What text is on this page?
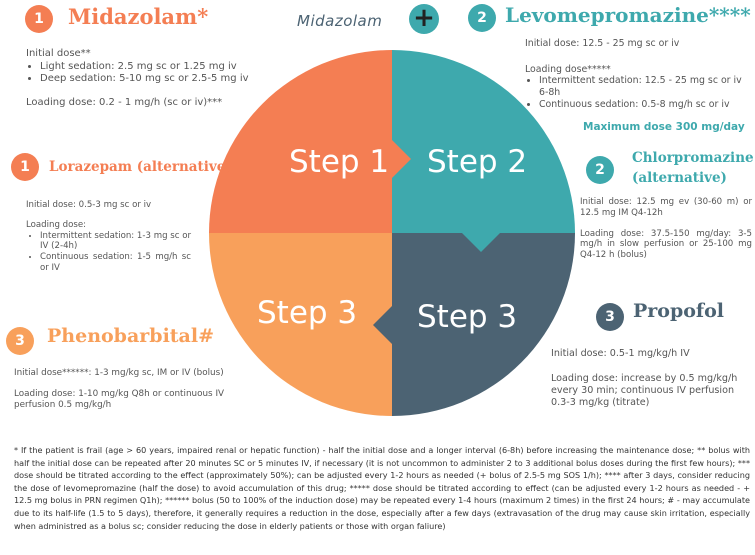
Midazolam +
Step 1 Step 2
Step 3 Step 3
1	Midazolam*

Initial dose**

• Light sedation: 2.5 mg sc or 1.25 mg iv
• Deep sedation: 5-10 mg sc or 2.5-5 mg iv

Loading dose: 0.2 - 1 mg/h (sc or iv)***

1	Lorazepam (alternative)

Initial dose: 0.5-3 mg sc or iv

Loading dose:

• Intermittent sedation: 1-3 mg sc or IV (2-4h)
• Continuous sedation: 1-5 mg/h sc or IV
3	Phenobarbital#

Initial dose******: 1-3 mg/kg sc, IM or IV (bolus)

Loading dose: 1-10 mg/kg Q8h or continuous IV perfusion 0.5 mg/kg/h

2 Levomepromazine****

Initial dose: 12.5 - 25 mg sc or iv

Loading dose*****

• Intermittent sedation: 12.5 - 25 mg sc or iv 6-8h
• Continuous sedation: 0.5-8 mg/h sc or iv
Maximum dose 300 mg/day
2
Chlorpromazine
(alternative)

Initial dose: 12.5 mg ev (30-60 m) or 12.5 mg IM Q4-12h

Loading dose: 37.5-150 mg/day: 3-5 mg/h in slow perfusion or 25-100 mg Q4-12 h (bolus)

3 Propofol

Initial dose: 0.5-1 mg/kg/h IV

Loading dose: increase by 0.5 mg/kg/h every 30 min; continuous IV perfusion 0.3-3 mg/kg (titrate)

* If the patient is frail (age > 60 years, impaired renal or hepatic function) - half the initial dose and a longer interval (6-8h) before increasing the maintenance dose; ** bolus with half the initial dose can be repeated after 20 minutes SC or 5 minutes IV, if necessary (it is not uncommon to administer 2 to 3 additional bolus doses during the first few hours); *** dose should be titrated according to the effect (approximately 50%); can be adjusted every 1-2 hours as needed (+ bolus of 2.5-5 mg SOS 1/h); **** after 3 days, consider reducing the dose of levomepromazine (half the dose) to avoid accumulation of this drug; ***** dose should be titrated according to effect (can be adjusted every 1-2 hours as needed - + 12.5 mg bolus in PRN regimen Q1h); ****** bolus (50 to 100% of the induction dose) may be repeated every 1-4 hours (maximum 2 times) in the first 24 hours; # - may accumulate due to its half-life (1.5 to 5 days), therefore, it generally requires a reduction in the dose, especially after a few days (extravasation of the drug may cause skin irritation, especially when administred as a bolus sc; consider reducing the dose in elderly patients or those with organ faliure)
